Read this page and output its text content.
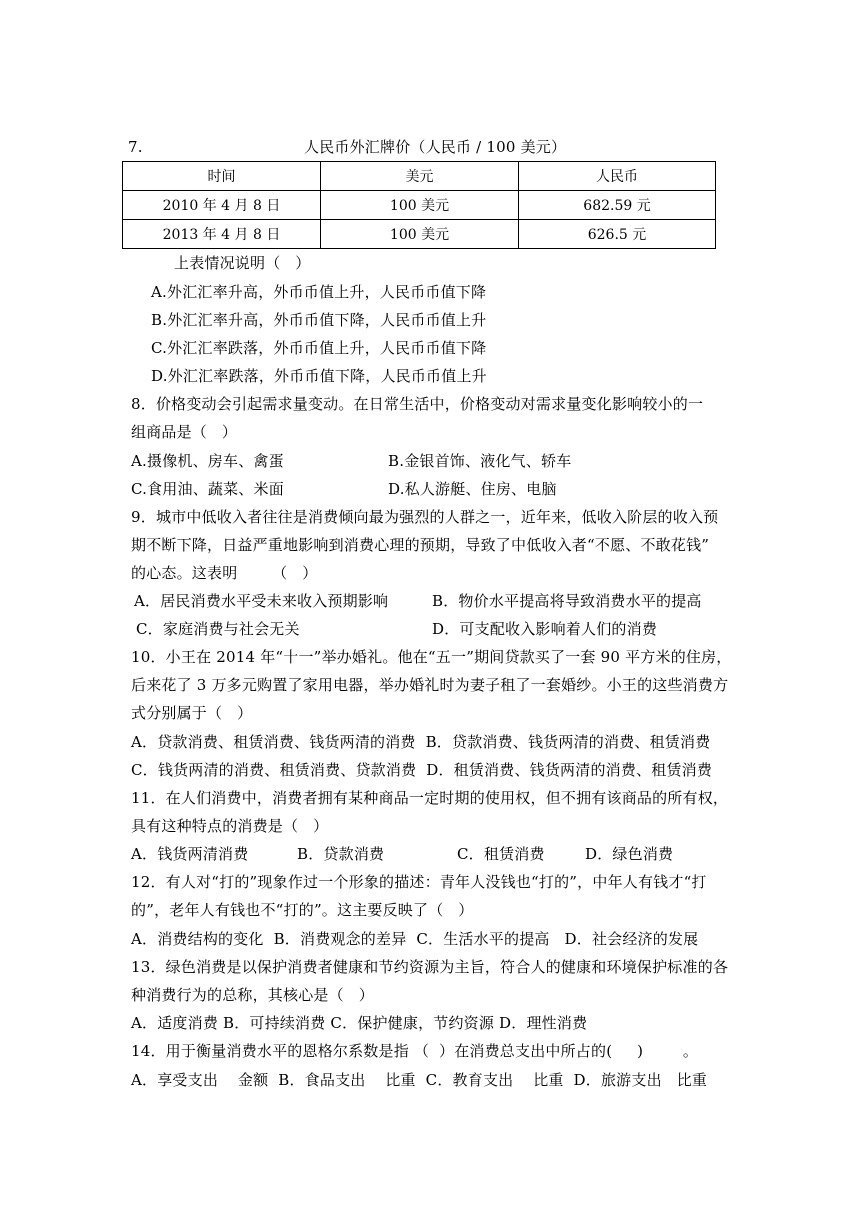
7.	人民币外汇牌价（人民币 / 100 美元）
时间	美元	人民币
2010 年 4 月 8 日	100 美元	682.59 元
2013 年 4 月 8 日	100 美元	626.5 元
上表情况说明（   ）
A.外汇汇率升高，外币币值上升，人民币币值下降
B.外汇汇率升高，外币币值下降，人民币币值上升
C.外汇汇率跌落，外币币值上升，人民币币值下降
D.外汇汇率跌落，外币币值下降，人民币币值上升
8．价格变动会引起需求量变动。在日常生活中，价格变动对需求量变化影响较小的一
组商品是（   ）
A.摄像机、房车、禽蛋	B.金银首饰、液化气、轿车
C.食用油、蔬菜、米面	D.私人游艇、住房、电脑
9．城市中低收入者往往是消费倾向最为强烈的人群之一，近年来，低收入阶层的收入预
期不断下降，日益严重地影响到消费心理的预期，导致了中低收入者“不愿、不敢花钱”
的心态。这表明       （   ）
A．居民消费水平受未来收入预期影响	B．物价水平提高将导致消费水平的提高
C．家庭消费与社会无关	D．可支配收入影响着人们的消费
10．小王在 2014 年“十一”举办婚礼。他在“五一”期间贷款买了一套 90 平方米的住房，
后来花了 3 万多元购置了家用电器，举办婚礼时为妻子租了一套婚纱。小王的这些消费方
式分别属于（   ）
A．贷款消费、租赁消费、钱货两清的消费  B．贷款消费、钱货两清的消费、租赁消费
C．钱货两清的消费、租赁消费、贷款消费  D．租赁消费、钱货两清的消费、租赁消费
11．在人们消费中，消费者拥有某种商品一定时期的使用权，但不拥有该商品的所有权，
具有这种特点的消费是（   ）
A．钱货两清消费	B．贷款消费	C．租赁消费	D．绿色消费
12．有人对“打的”现象作过一个形象的描述：青年人没钱也“打的”，中年人有钱才“打
的”，老年人有钱也不“打的”。这主要反映了（   ）
A．消费结构的变化  B．消费观念的差异  C．生活水平的提高   D．社会经济的发展
13．绿色消费是以保护消费者健康和节约资源为主旨，符合人的健康和环境保护标准的各
种消费行为的总称，其核心是（   ）
A．适度消费 B．可持续消费 C．保护健康，节约资源 D．理性消费
14．用于衡量消费水平的恩格尔系数是指 （  ）在消费总支出中所占的(     )        。
A．享受支出    金额  B．食品支出    比重  C．教育支出    比重  D．旅游支出   比重
